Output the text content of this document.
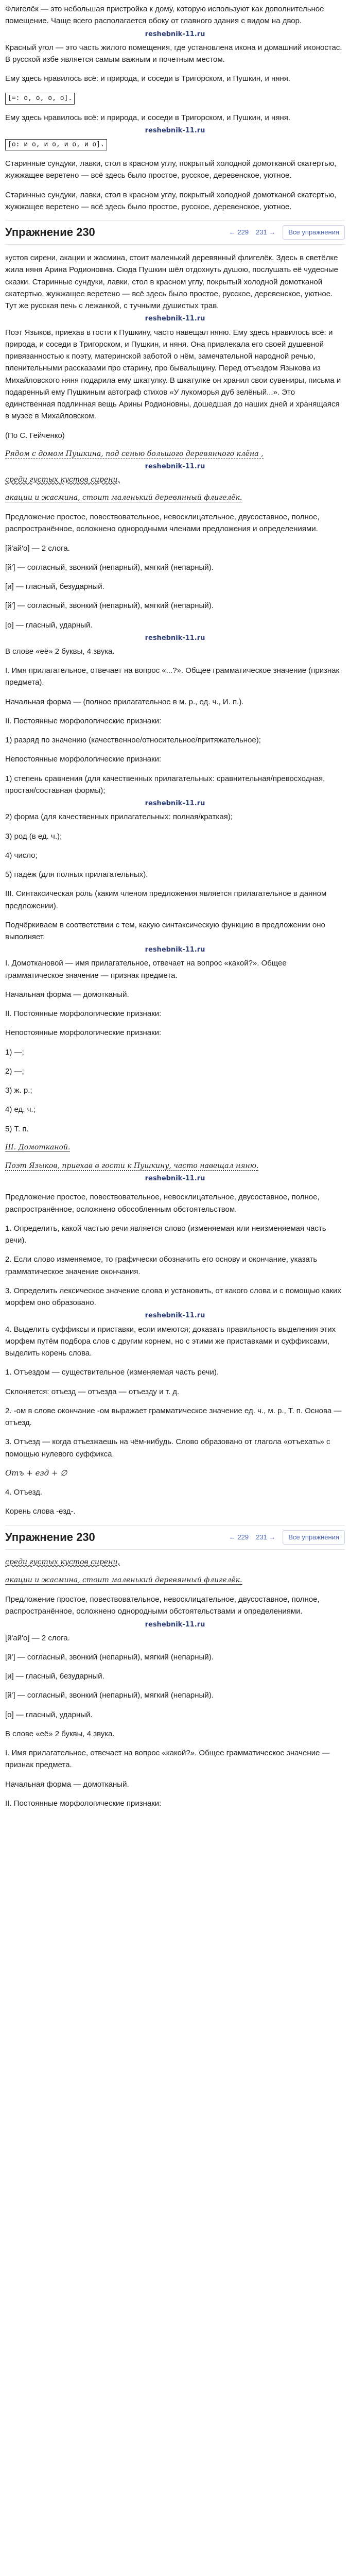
Флигелёк — это небольшая пристройка к дому, которую используют как дополнительное помещение. Чаще всего располагается обоку от главного здания с видом на двор.

reshebnik-11.ru

Красный угол — это часть жилого помещения, где установлена икона и домашний иконостас. В русской избе является самым важным и почетным местом.

Ему здесь нравилось всё: и природа, и соседи в Тригорском, и Пушкин, и няня.

[=: о, о, о, о].

Ему здесь нравилось всё: и природа, и соседи в Тригорском, и Пушкин, и няня.

reshebnik-11.ru

[о: и о, и о, и о, и о].

Старинные сундуки, лавки, стол в красном углу, покрытый холодной домотканой скатертью, жужжащее веретено — всё здесь было простое, русское, деревенское, уютное.

Старинные сундуки, лавки, стол в красном углу, покрытый холодной домотканой скатертью, жужжащее веретено — всё здесь было простое, русское, деревенское, уютное.

Упражнение 230	← 229 231 →	Все упражнения

кустов сирени, акации и жасмина, стоит маленький деревянный флигелёк. Здесь в светёлке жила няня Арина Родионовна. Сюда Пушкин шёл отдохнуть душою, послушать её чудесные сказки. Старинные сундуки, лавки, стол в красном углу, покрытый холодной домотканой скатертью, жужжащее веретено — всё здесь было простое, русское, деревенское, уютное. Тут же русская печь с лежанкой, с тучными душистых трав.

reshebnik-11.ru

Поэт Языков, приехав в гости к Пушкину, часто навещал няню. Ему здесь нравилось всё: и природа, и соседи в Тригорском, и Пушкин, и няня. Она привлекала его своей душевной привязанностью к поэту, материнской заботой о нём, замечательной народной речью, пленительными рассказами про старину, про бывальщину. Перед отъездом Языкова из Михайловского няня подарила ему шкатулку. В шкатулке он хранил свои сувениры, письма и подаренный ему Пушкиным автограф стихов «У лукоморья дуб зелёный...». Это единственная подлинная вещь Арины Родионовны, дошедшая до наших дней и хранящаяся в музее в Михайловском.

(По С. Гейченко)

Рядом с домом Пушкина, под сенью большого деревянного клёна ,

reshebnik-11.ru

среди густых кустов сирени,

акации и жасмина, стоит маленький деревянный флигелёк.

Предложение простое, повествовательное, невосклицательное, двусоставное, полное, распространённое, осложнено однородными членами предложения и определениями.

[й'ай'о] — 2 слога.

[й'] — согласный, звонкий (непарный), мягкий (непарный).

[и] — гласный, безударный.

[й'] — согласный, звонкий (непарный), мягкий (непарный).

[о] — гласный, ударный.

reshebnik-11.ru

В слове «её» 2 буквы, 4 звука.

I. Имя прилагательное, отвечает на вопрос «...?». Общее грамматическое значение (признак предмета).

Начальная форма — (полное прилагательное в м. р., ед. ч., И. п.).

II. Постоянные морфологические признаки:

1) разряд по значению (качественное/относительное/притяжательное);

Непостоянные морфологические признаки:

1) степень сравнения (для качественных прилагательных: сравнительная/превосходная, простая/составная формы);

reshebnik-11.ru

2) форма (для качественных прилагательных: полная/краткая);

3) род (в ед. ч.);

4) число;

5) падеж (для полных прилагательных).

III. Синтаксическая роль (каким членом предложения является прилагательное в данном предложении).

Подчёркиваем в соответствии с тем, какую синтаксическую функцию в предложении оно выполняет.

reshebnik-11.ru

I. Домоткановой — имя прилагательное, отвечает на вопрос «какой?». Общее грамматическое значение — признак предмета.

Начальная форма — домотканый.

II. Постоянные морфологические признаки:

Непостоянные морфологические признаки:

1) —;

2) —;

3) ж. р.;

4) ед. ч.;

5) Т. п.

III. Домотканой.

Поэт Языков, приехав в гости к Пушкину, часто навещал няню.

reshebnik-11.ru

Предложение простое, повествовательное, невосклицательное, двусоставное, полное, распространённое, осложнено обособленным обстоятельством.

1. Определить, какой частью речи является слово (изменяемая или неизменяемая часть речи).

2. Если слово изменяемое, то графически обозначить его основу и окончание, указать грамматическое значение окончания.

3. Определить лексическое значение слова и установить, от какого слова и с помощью каких морфем оно образовано.

reshebnik-11.ru

4. Выделить суффиксы и приставки, если имеются; доказать правильность выделения этих морфем путём подбора слов с другим корнем, но с этими же приставками и суффиксами, выделить корень слова.

1. Отъездом — существительное (изменяемая часть речи).

Склоняется: отъезд — отъезда — отъезду и т. д.

2. -ом в слове окончание -ом выражает грамматическое значение ед. ч., м. р., Т. п. Основа — отъезд.

3. Отъезд — когда отъезжаешь на чём-нибудь. Слово образовано от глагола «отъехать» с помощью нулевого суффикса.

Отъ + езд + ∅

4. Отъезд.

Корень слова -езд-.

Упражнение 230	← 229 231 →	Все упражнения

среди густых кустов сирени,

акации и жасмина, стоит маленький деревянный флигелёк.

Предложение простое, повествовательное, невосклицательное, двусоставное, полное, распространённое, осложнено однородными обстоятельствами и определениями.

reshebnik-11.ru

[й'ай'о] — 2 слога.

[й'] — согласный, звонкий (непарный), мягкий (непарный).

[и] — гласный, безударный.

[й'] — согласный, звонкий (непарный), мягкий (непарный).

[о] — гласный, ударный.

В слове «её» 2 буквы, 4 звука.

I. Имя прилагательное, отвечает на вопрос «какой?». Общее грамматическое значение — признак предмета.

Начальная форма — домотканый.

II. Постоянные морфологические признаки:
